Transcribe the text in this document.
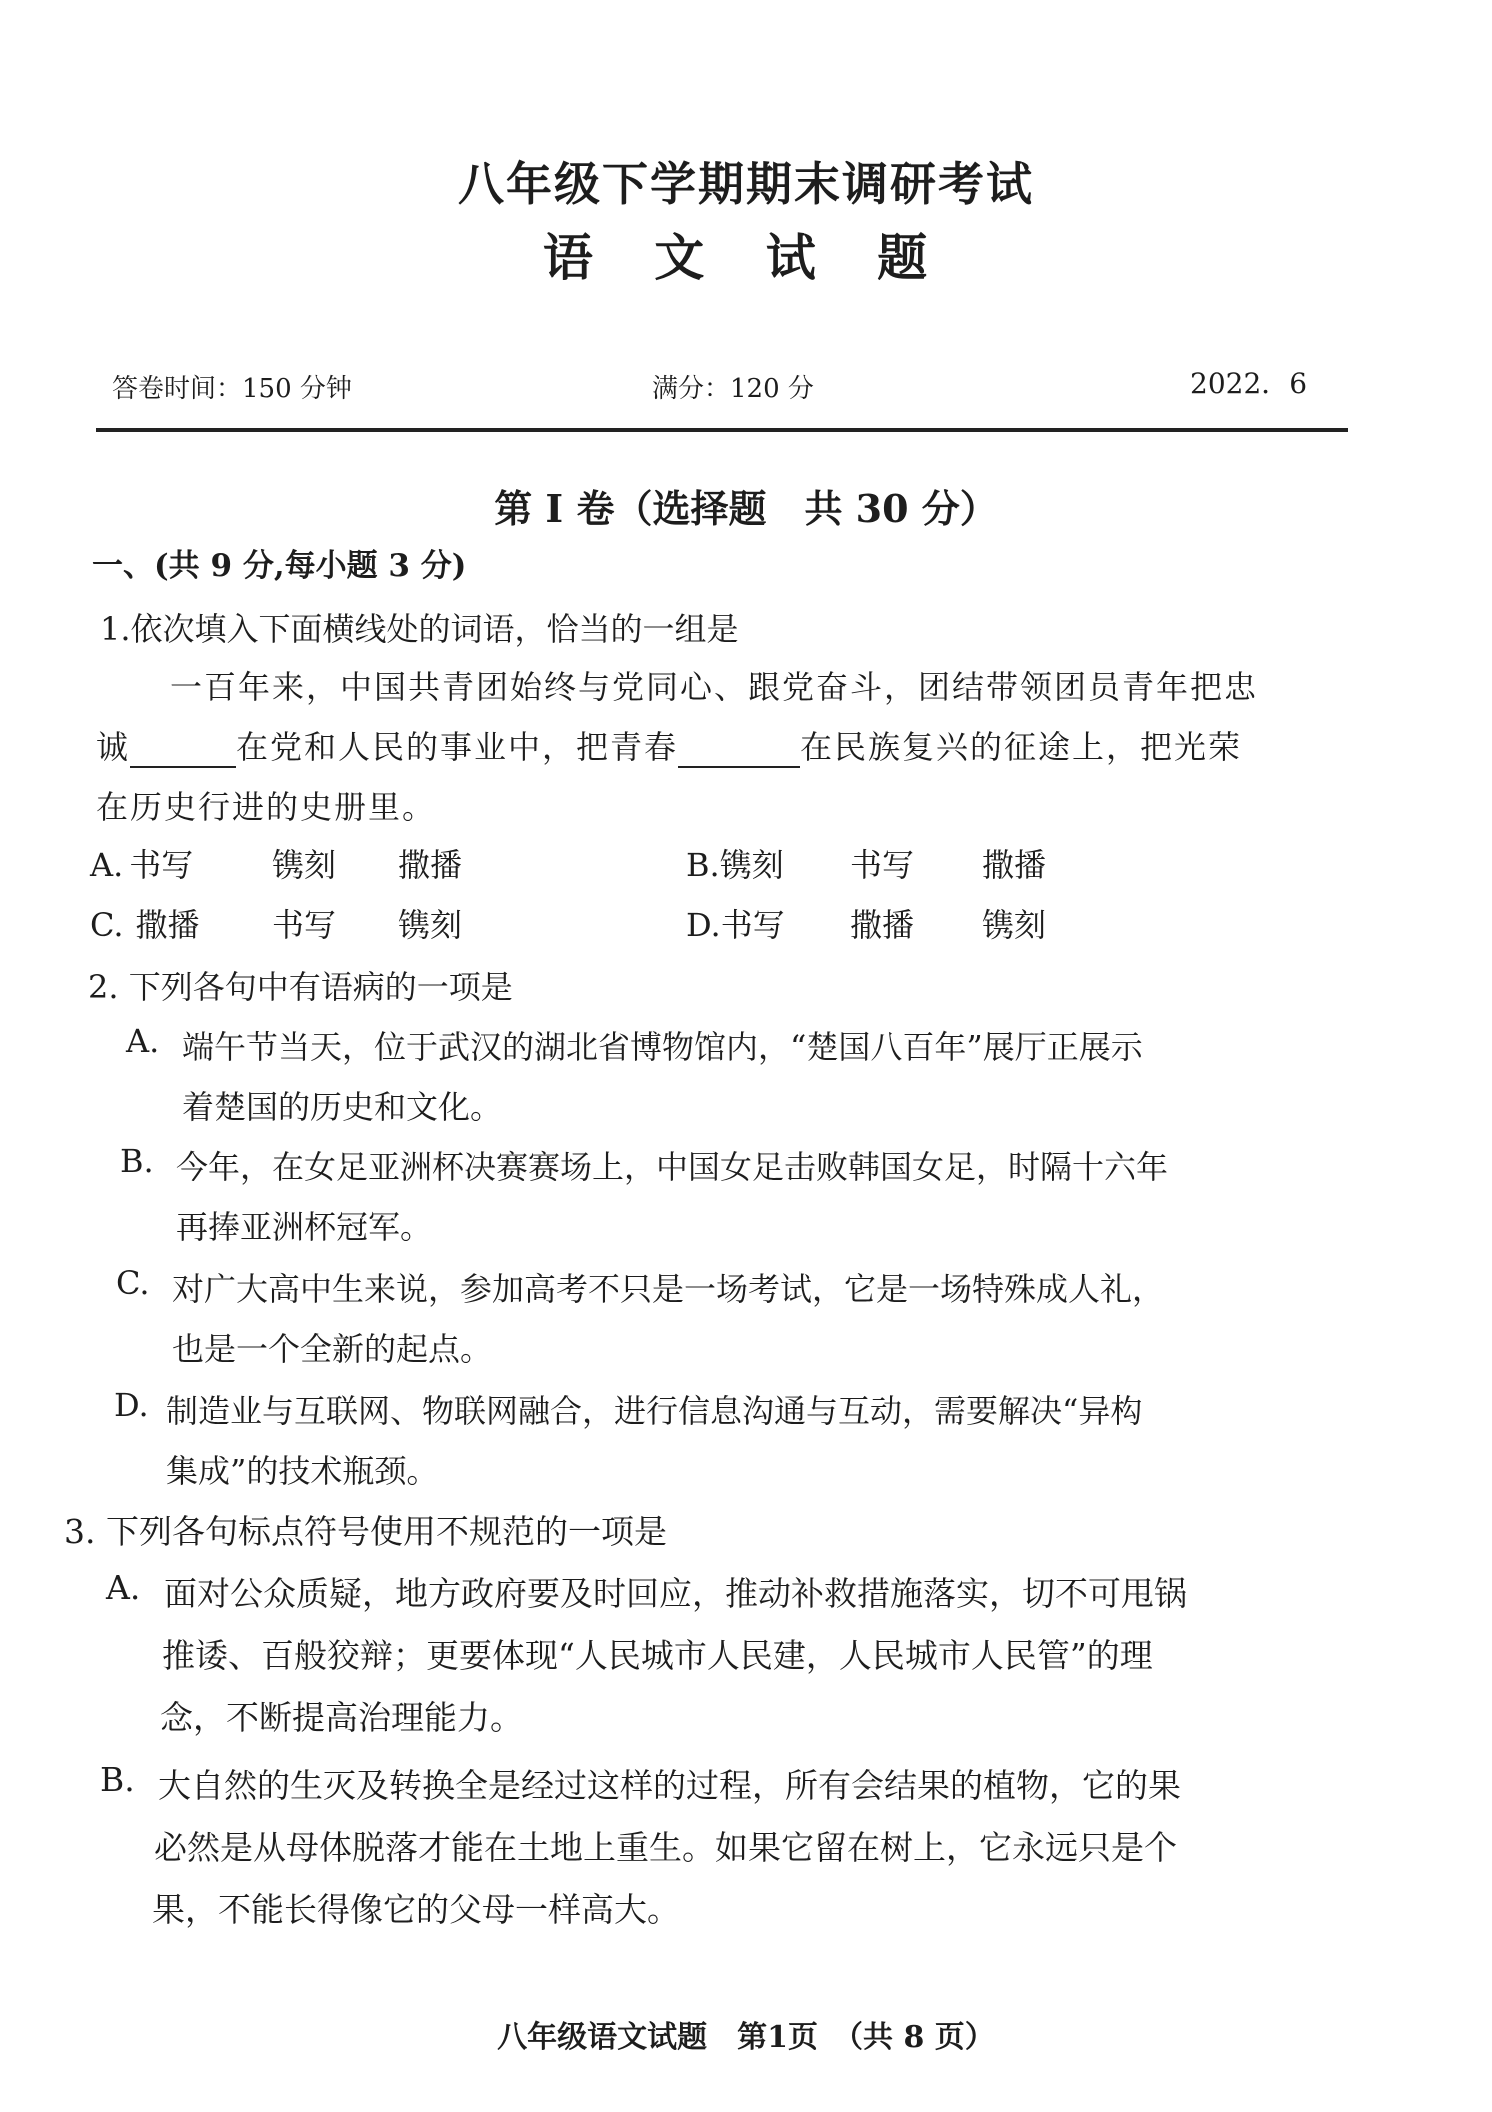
八年级下学期期末调研考试
语 文 试 题
答卷时间：150 分钟	满分：120 分	2022．6
第 I 卷（选择题　共 30 分）
一、(共 9 分,每小题 3 分)
1.依次填入下面横线处的词语，恰当的一组是
一百年来，中国共青团始终与党同心、跟党奋斗，团结带领团员青年把忠
诚	在党和人民的事业中，把青春	在民族复兴的征途上，把光荣
在历史行进的史册里。
A. 书写 镌刻 撒播	B.镌刻 书写 撒播
C. 撒播 书写 镌刻	D.书写 撒播 镌刻
2. 下列各句中有语病的一项是
A. 端午节当天，位于武汉的湖北省博物馆内，“楚国八百年”展厅正展示
着楚国的历史和文化。
B. 今年，在女足亚洲杯决赛赛场上，中国女足击败韩国女足，时隔十六年
再捧亚洲杯冠军。
C. 对广大高中生来说，参加高考不只是一场考试，它是一场特殊成人礼，
也是一个全新的起点。
D. 制造业与互联网、物联网融合，进行信息沟通与互动，需要解决“异构
集成”的技术瓶颈。
3. 下列各句标点符号使用不规范的一项是
A. 面对公众质疑，地方政府要及时回应，推动补救措施落实，切不可甩锅
推诿、百般狡辩；更要体现“人民城市人民建，人民城市人民管”的理
念，不断提高治理能力。
B. 大自然的生灭及转换全是经过这样的过程，所有会结果的植物，它的果
必然是从母体脱落才能在土地上重生。如果它留在树上，它永远只是个
果，不能长得像它的父母一样高大。
八年级语文试题　第1页　（共 8 页）
